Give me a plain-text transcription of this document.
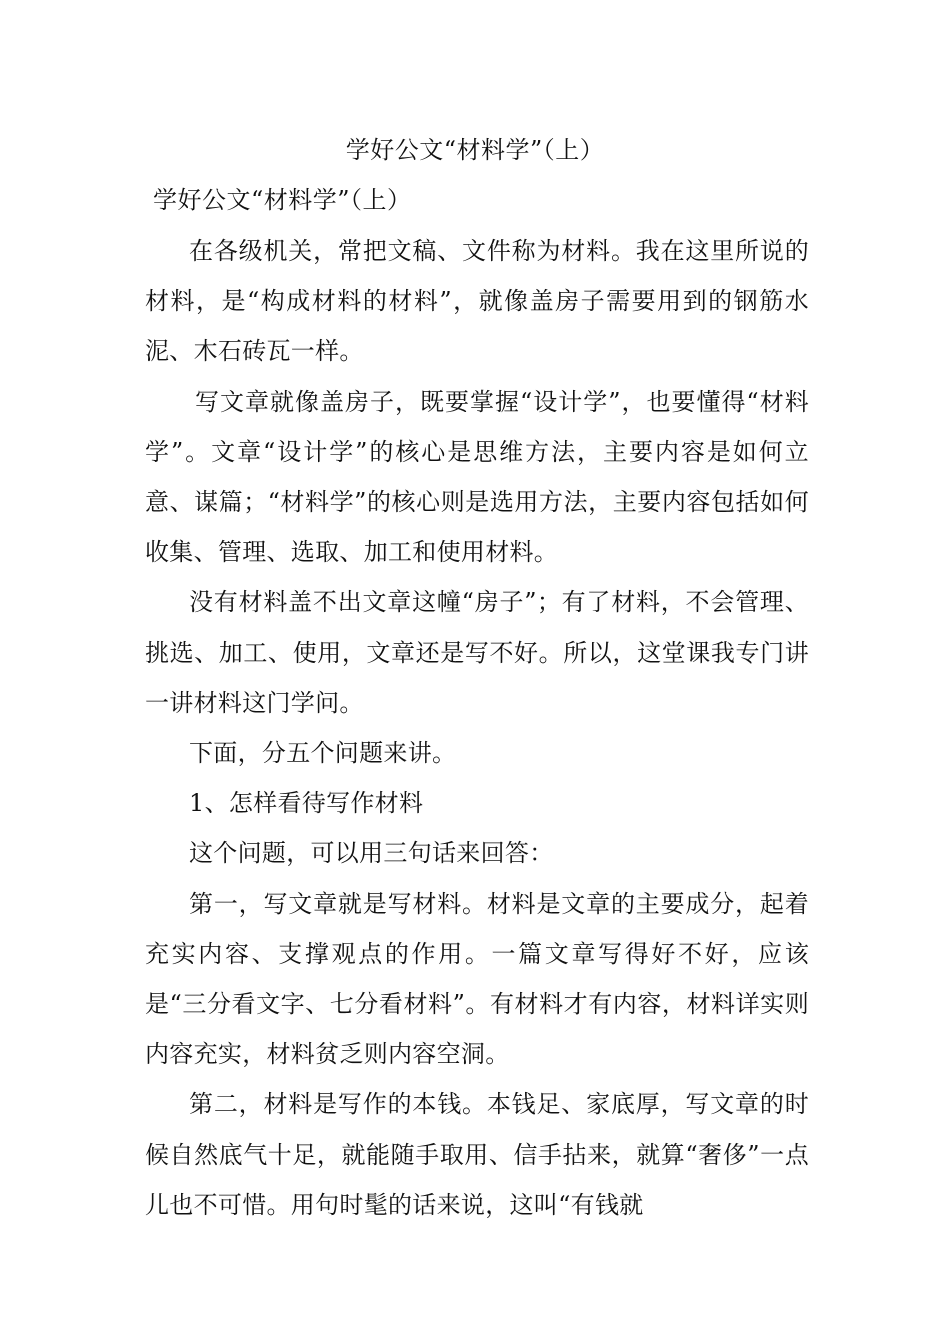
学好公文“材料学”（上）

学好公文“材料学”（上）

在各级机关，常把文稿、文件称为材料。我在这里所说的材料，是“构成材料的材料”，就像盖房子需要用到的钢筋水泥、木石砖瓦一样。

写文章就像盖房子，既要掌握“设计学”，也要懂得“材料学”。文章“设计学”的核心是思维方法，主要内容是如何立意、谋篇；“材料学”的核心则是选用方法，主要内容包括如何收集、管理、选取、加工和使用材料。

没有材料盖不出文章这幢“房子”；有了材料，不会管理、挑选、加工、使用，文章还是写不好。所以，这堂课我专门讲一讲材料这门学问。

下面，分五个问题来讲。

1、怎样看待写作材料

这个问题，可以用三句话来回答：

第一，写文章就是写材料。材料是文章的主要成分，起着充实内容、支撑观点的作用。一篇文章写得好不好，应该是“三分看文字、七分看材料”。有材料才有内容，材料详实则内容充实，材料贫乏则内容空洞。

第二，材料是写作的本钱。本钱足、家底厚，写文章的时候自然底气十足，就能随手取用、信手拈来，就算“奢侈”一点儿也不可惜。用句时髦的话来说，这叫“有钱就
